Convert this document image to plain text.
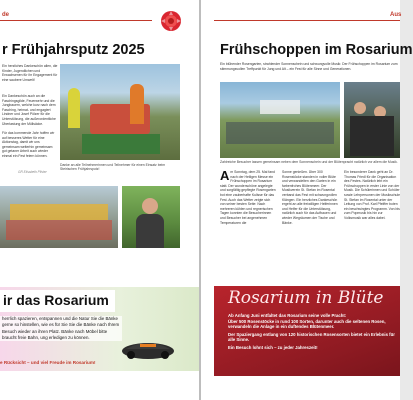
de
r Frühjahrsputz 2025
Danke an alle Teilnehmerinnen und Teilnehmer für einen Einsatz beim Steirischen Frühjahrsputz!
Ein herzliches Dankeschön allen, die Kinder, Jugendlichen und Erwachsenen für ihr Engagement für eine saubere Umwelt!
Ein Dankeschön auch an die Faschingsgilde, Feuerwehr und die Jungbauern, welche kurz nach dem Fasching, heimat- und engagiert Lindner und Josef Pölzer für die Unterstützung, die außerordentliche Überlastung der Müllsäcke.
Für das kommende Jahr hoffen wir auf besseres Wetter für eine Aktionstag, damit wir uns gemeinsam weiterhin gemeinsam gut getaner Arbeit auch wieder einmal ein Fest feiern können.
GR Elisabeth Pfister
ir das Rosarium
herrlich spazieren, entspannen und die Natur Sie die Bänke gerne so hinstellen, wie es für Sie Sie die Bänke nach Ihrem Besuch wieder an ihren Platz. Bänke nach Möbel bitte braucht freie Bahn, ung erledigen zu können.
e Rücksicht – und viel Freude im Rosarium!
Aus
Frühschoppen im Rosarium
Ein blühender Rosengarten, strahlender Sonnenschein und schwungvolle Musik: Der Frühschoppen im Rosarium zum stimmungsvollen Treffpunkt für Jung und Alt – ein Fest für alle Sinne und Generationen.
Zahlreiche Besucher lassen gemeinsam neben dem Sonnenschein und der Blütenpracht natürlich vor allem die Musik.
Am Sonntag, dem 25. Mai fand nach der Heiligen Messe ein Frühschoppen im Rosarium statt. Der wunderschöne angelegte und sorgfältig gepflegte Rosengarten bot eine zauberhafte Kulisse für das Fest. Auch das Wetter zeigte sich von seiner besten Seite: Nach mehreren kühlen und regnerischen Tagen konnten die Besucherinnen und Besucher bei angenehmen Temperaturen die
Sonne genießen. Über 300 Rosenstöcke standen in voller Blüte und verwandelten den Garten in ein farbenfrohes Blütenmeer. Der Musikverein St. Stefan im Rosental verband das Fest mit schwungvollen Klängen. Ein herzliches Dankeschön ergeht an alle freiwilligen Helferinnen und Helfer für die Unterstützung, natürlich auch für das Aufbauen und wieder Wegräumen der Tische und Bänke.
Ein besonderer Dank geht an Dr. Thomas Friedl für die Organisation des Festes. Natürlich lebt ein Frühschoppen in erster Linie von der Musik. Die Schülerinnen und Schüler sowie Lehrpersonen der Musikschule St. Stefan im Rosental unter der Leitung von Prof. Karl Pfeiffer boten ein beschwingtes Programm. Von bis zum Popmusik bis hin zur Volksmusik war alles dabei.
Rosarium in Blüte
Ab Anfang Juni entfaltet das Rosarium seine volle Pracht:
Über 500 Rosenstöcke in rund 100 Sorten, darunter auch die seltenen Rosen, verwandeln die Anlage in ein duftendes Blütenmeer.
Der Spaziergang entlang von 120 historischen Rosensorten bietet ein Erlebnis für alle Sinne.
Ein Besuch lohnt sich – zu jeder Jahreszeit!
